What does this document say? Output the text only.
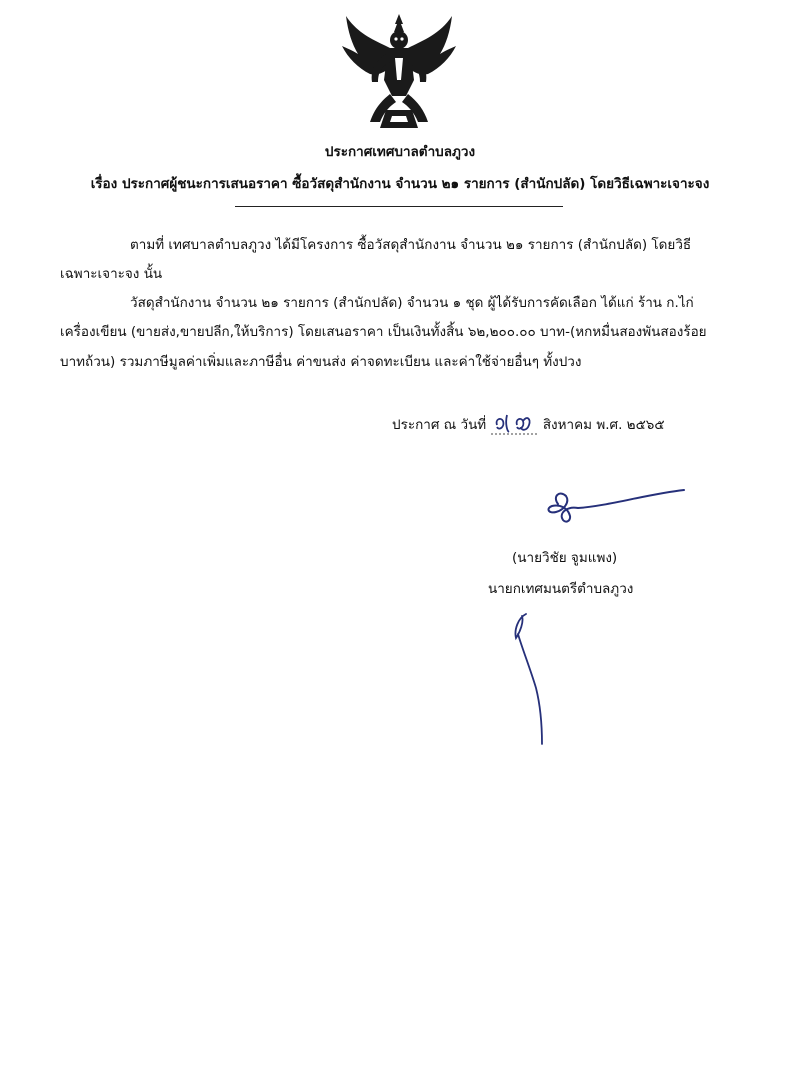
ประกาศเทศบาลตำบลภูวง
เรื่อง ประกาศผู้ชนะการเสนอราคา ซื้อวัสดุสำนักงาน จำนวน ๒๑ รายการ (สำนักปลัด) โดยวิธีเฉพาะเจาะจง
ตามที่ เทศบาลตำบลภูวง ได้มีโครงการ ซื้อวัสดุสำนักงาน จำนวน ๒๑ รายการ (สำนักปลัด) โดยวิธี
เฉพาะเจาะจง นั้น
วัสดุสำนักงาน จำนวน ๒๑ รายการ (สำนักปลัด) จำนวน ๑ ชุด ผู้ได้รับการคัดเลือก ได้แก่ ร้าน ก.ไก่
เครื่องเขียน (ขายส่ง,ขายปลีก,ให้บริการ) โดยเสนอราคา เป็นเงินทั้งสิ้น ๖๒,๒๐๐.๐๐ บาท-(หกหมื่นสองพันสองร้อย
บาทถ้วน) รวมภาษีมูลค่าเพิ่มและภาษีอื่น ค่าขนส่ง ค่าจดทะเบียน และค่าใช้จ่ายอื่นๆ ทั้งปวง
ประกาศ ณ วันที่	สิงหาคม พ.ศ. ๒๕๖๕
(นายวิชัย จูมแพง)
นายกเทศมนตรีตำบลภูวง
